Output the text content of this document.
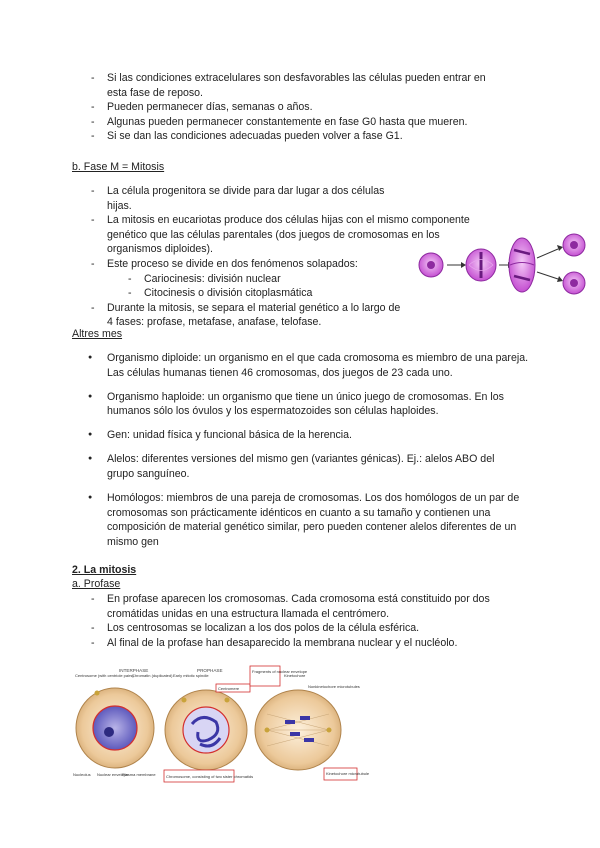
- Si las condiciones extracelulares son desfavorables las células pueden entrar en esta fase de reposo.
- Pueden permanecer días, semanas o años.
- Algunas pueden permanecer constantemente en fase G0 hasta que mueren.
- Si se dan las condiciones adecuadas pueden volver a fase G1.
b. Fase M = Mitosis
- La célula progenitora se divide para dar lugar a dos células hijas.
- La mitosis en eucariotas produce dos células hijas con el mismo componente genético que las células parentales (dos juegos de cromosomas en los organismos diploides).
- Este proceso se divide en dos fenómenos solapados:
- Cariocinesis: división nuclear
- Citocinesis o división citoplasmática
- Durante la mitosis, se separa el material genético a lo largo de 4 fases: profase, metafase, anafase, telofase.
Altres mes
● Organismo diploide: un organismo en el que cada cromosoma es miembro de una pareja. Las células humanas tienen 46 cromosomas, dos juegos de 23 cada uno.
● Organismo haploide: un organismo que tiene un único juego de cromosomas. En los humanos sólo los óvulos y los espermatozoides son células haploides.
● Gen: unidad física y funcional básica de la herencia.
● Alelos: diferentes versiones del mismo gen (variantes génicas). Ej.: alelos ABO del grupo sanguíneo.
● Homólogos: miembros de una pareja de cromosomas. Los dos homólogos de un par de cromosomas son prácticamente idénticos en cuanto a su tamaño y contienen una composición de material genético similar, pero pueden contener alelos diferentes de un mismo gen
2. La mitosis
a. Profase
- En profase aparecen los cromosomas. Cada cromosoma está constituido por dos cromátidas unidas en una estructura llamada el centrómero.
- Los centrosomas se localizan a los dos polos de la célula esférica.
- Al final de la profase han desaparecido la membrana nuclear y el nucléolo.
INTERPHASE	PROPHASE
Centrosome (with centriole pairs)
Chromatin (duplicated)
Nucleolus Nuclear envelope
Plasma membrane
Early mitotic spindle
Centromere
Chromosome, consisting of two sister chromatids
Fragments of nuclear envelope
Kinetochore
Nonkinetochore microtubules
Kinetochore microtubule
